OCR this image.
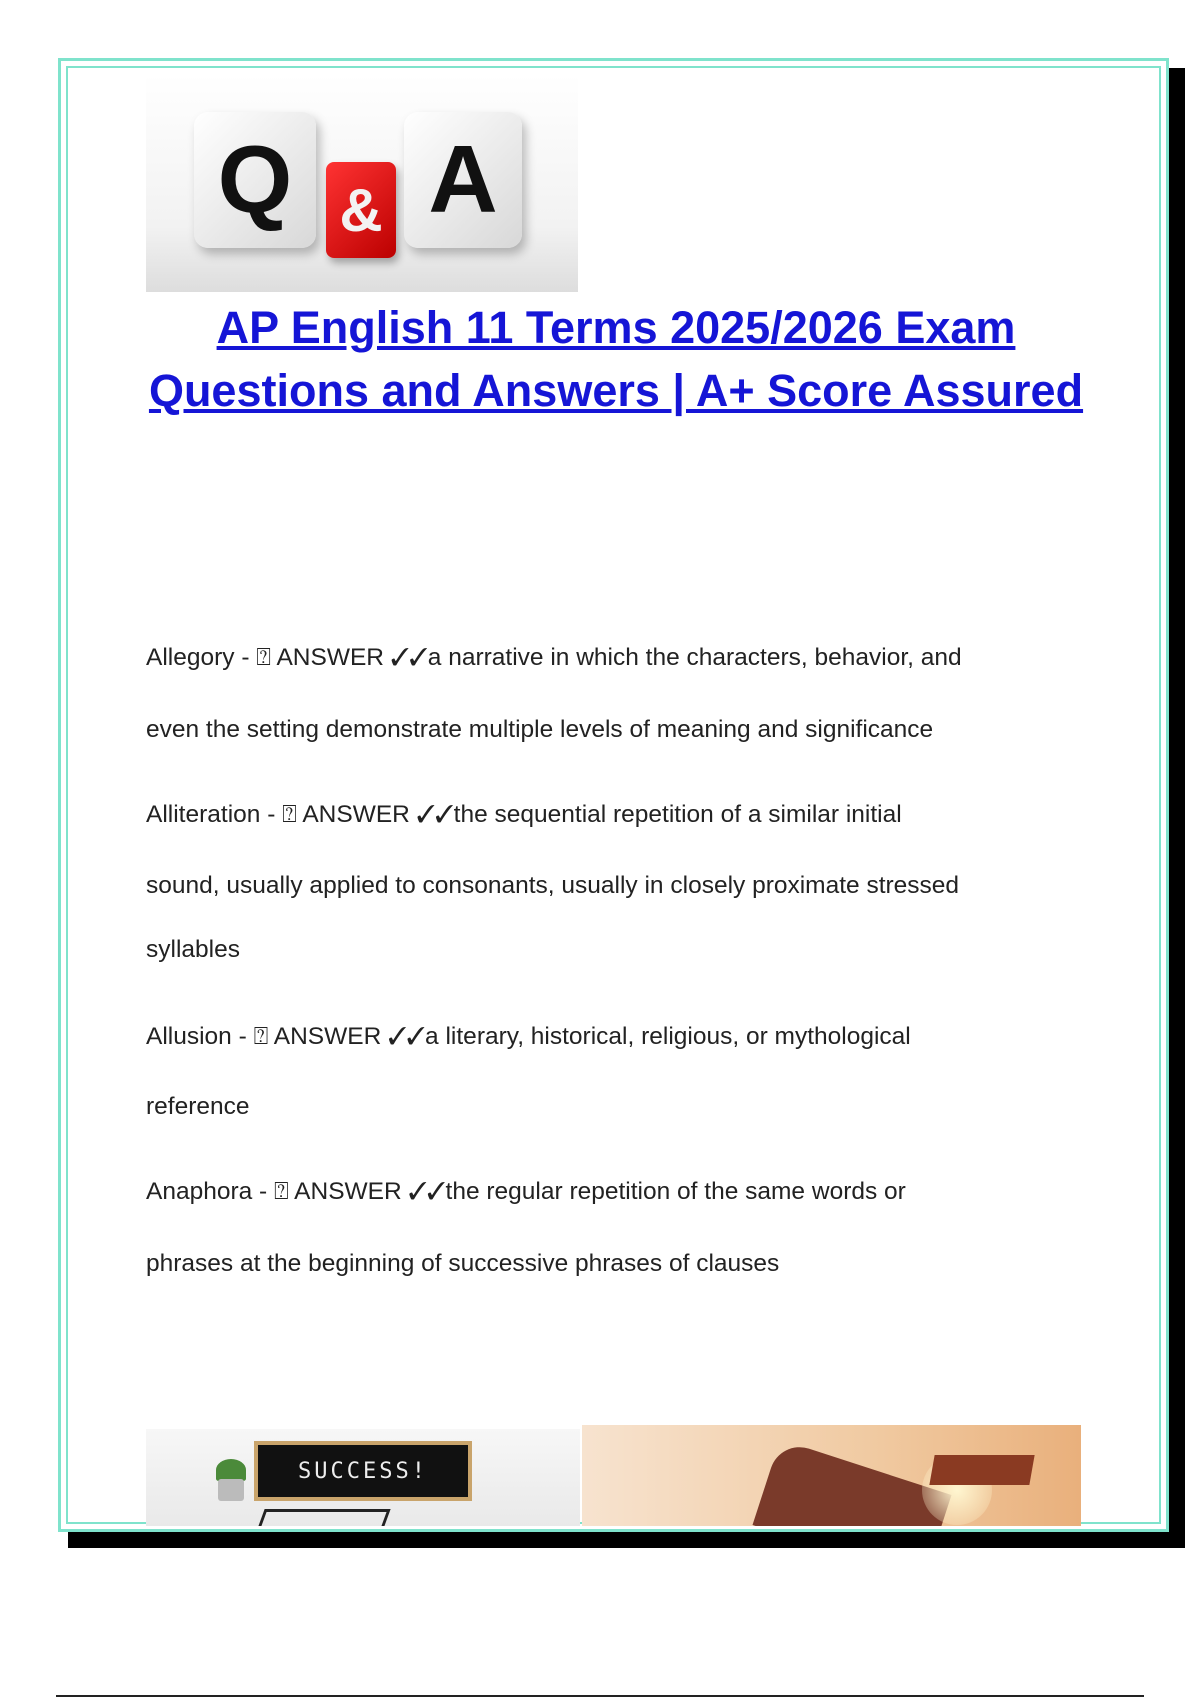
Q & A
AP English 11 Terms 2025/2026 Exam Questions and Answers | A+ Score Assured
Allegory - ⍰ ANSWER ✓✓a narrative in which the characters, behavior, and
even the setting demonstrate multiple levels of meaning and significance
Alliteration - ⍰ ANSWER ✓✓the sequential repetition of a similar initial
sound, usually applied to consonants, usually in closely proximate stressed
syllables
Allusion - ⍰ ANSWER ✓✓a literary, historical, religious, or mythological
reference
Anaphora - ⍰ ANSWER ✓✓the regular repetition of the same words or
phrases at the beginning of successive phrases of clauses
SUCCESS!
